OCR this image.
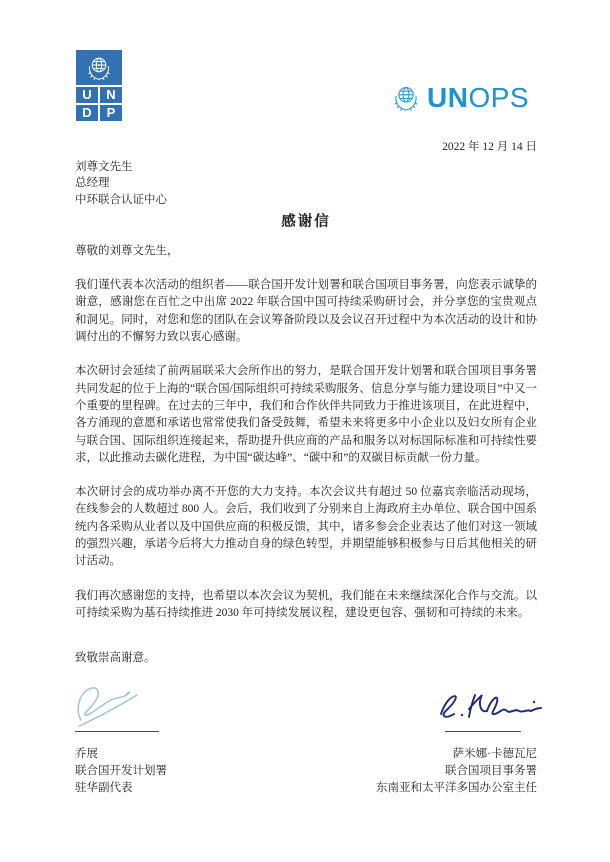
U	N
D	P	UNOPS
2022 年 12 月 14 日
刘尊文先生
总经理
中环联合认证中心
感谢信

尊敬的刘尊文先生，

我们谨代表本次活动的组织者——联合国开发计划署和联合国项目事务署，向您表示诚挚的谢意，感谢您在百忙之中出席 2022 年联合国中国可持续采购研讨会，并分享您的宝贵观点和洞见。同时，对您和您的团队在会议筹备阶段以及会议召开过程中为本次活动的设计和协调付出的不懈努力致以衷心感谢。

本次研讨会延续了前两届联采大会所作出的努力，是联合国开发计划署和联合国项目事务署共同发起的位于上海的“联合国/国际组织可持续采购服务、信息分享与能力建设项目”中又一个重要的里程碑。在过去的三年中，我们和合作伙伴共同致力于推进该项目，在此进程中，各方涌现的意愿和承诺也常常使我们备受鼓舞，希望未来将更多中小企业以及妇女所有企业与联合国、国际组织连接起来，帮助提升供应商的产品和服务以对标国际标准和可持续性要求，以此推动去碳化进程，为中国“碳达峰”、“碳中和”的双碳目标贡献一份力量。

本次研讨会的成功举办离不开您的大力支持。本次会议共有超过 50 位嘉宾亲临活动现场，在线参会的人数超过 800 人。会后，我们收到了分别来自上海政府主办单位、联合国中国系统内各采购从业者以及中国供应商的积极反馈，其中，诸多参会企业表达了他们对这一领域的强烈兴趣，承诺今后将大力推动自身的绿色转型，并期望能够积极参与日后其他相关的研讨活动。

我们再次感谢您的支持，也希望以本次会议为契机，我们能在未来继续深化合作与交流。以可持续采购为基石持续推进 2030 年可持续发展议程，建设更包容、强韧和可持续的未来。

致敬崇高谢意。

乔展
联合国开发计划署
驻华副代表
萨米娜·卡德瓦尼
联合国项目事务署
东南亚和太平洋多国办公室主任
